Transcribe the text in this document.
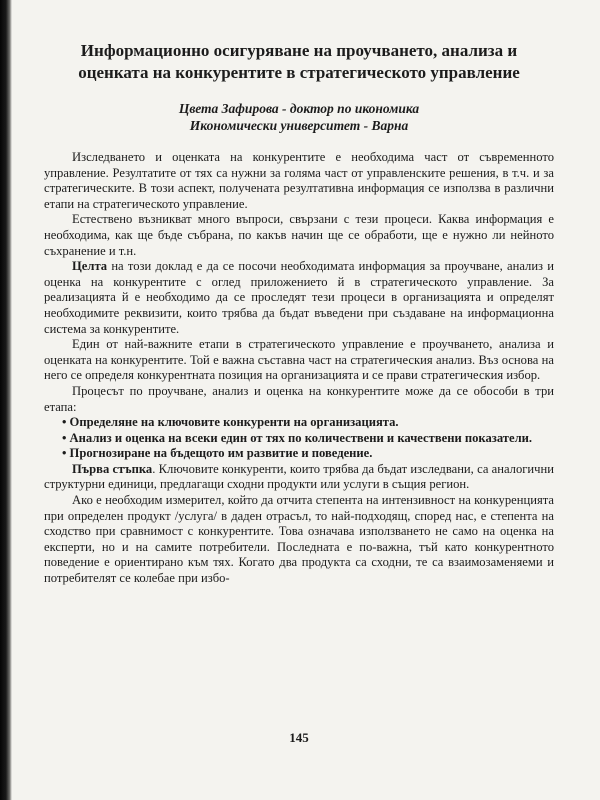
Информационно осигуряване на проучването, анализа и оценката на конкурентите в стратегическото управление
Цвета Зафирова - доктор по икономика
Икономически университет - Варна

Изследването и оценката на конкурентите е необходима част от съвременното управление. Резултатите от тях са нужни за голяма част от управленските решения, в т.ч. и за стратегическите. В този аспект, получената резултативна информация се използва в различни етапи на стратегическото управление.

Естествено възникват много въпроси, свързани с тези процеси. Каква информация е необходима, как ще бъде събрана, по какъв начин ще се обработи, ще е нужно ли нейното съхранение и т.н.

Целта на този доклад е да се посочи необходимата информация за проучване, анализ и оценка на конкурентите с оглед приложението й в стратегическото управление. За реализацията й е необходимо да се проследят тези процеси в организацията и определят необходимите реквизити, които трябва да бъдат въведени при създаване на информационна система за конкурентите.

Един от най-важните етапи в стратегическото управление е проучването, анализа и оценката на конкурентите. Той е важна съставна част на стратегическия анализ. Въз основа на него се определя конкурентната позиция на организацията и се прави стратегическия избор.

Процесът по проучване, анализ и оценка на конкурентите може да се обособи в три етапа:

• Определяне на ключовите конкуренти на организацията.

• Анализ и оценка на всеки един от тях по количествени и качествени показатели.

• Прогнозиране на бъдещото им развитие и поведение.

Първа стъпка. Ключовите конкуренти, които трябва да бъдат изследвани, са аналогични структурни единици, предлагащи сходни продукти или услуги в същия регион.

Ако е необходим измерител, който да отчита степента на интензивност на конкуренцията при определен продукт /услуга/ в даден отрасъл, то най-подходящ, според нас, е степента на сходство при сравнимост с конкурентите. Това означава използването не само на оценка на експерти, но и на самите потребители. Последната е по-важна, тъй като конкурентното поведение е ориентирано към тях. Когато два продукта са сходни, те са взаимозаменяеми и потребителят се колебае при избо-

145
